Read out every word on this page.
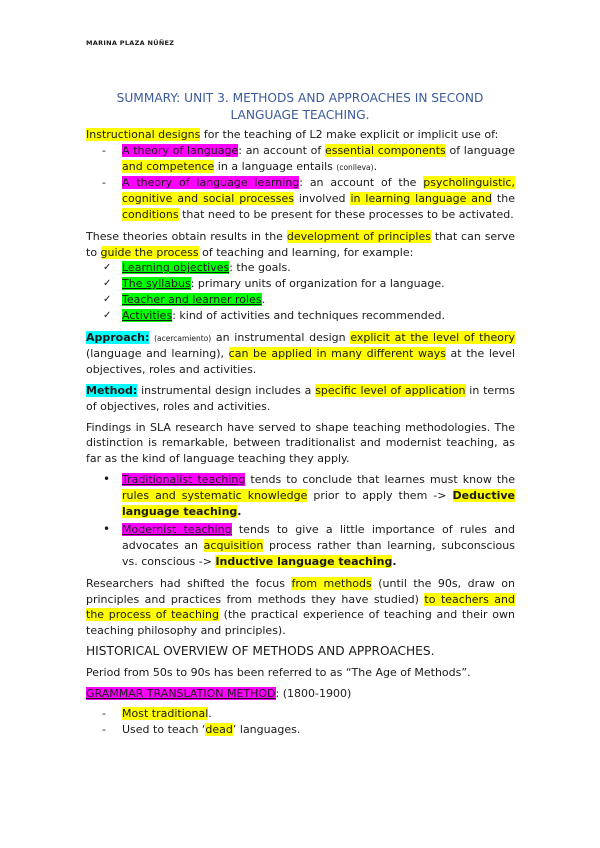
MARINA PLAZA NÚÑEZ
SUMMARY: UNIT 3. METHODS AND APPROACHES IN SECOND
LANGUAGE TEACHING.

Instructional designs for the teaching of L2 make explicit or implicit use of:

- A theory of language: an account of essential components of language and competence in a language entails (conlleva).
- A theory of language learning: an account of the psycholinguistic, cognitive and social processes involved in learning language and the conditions that need to be present for these processes to be activated.

These theories obtain results in the development of principles that can serve to guide the process of teaching and learning, for example:

✓ Learning objectives: the goals.
✓ The syllabus: primary units of organization for a language.
✓ Teacher and learner roles.
✓ Activities: kind of activities and techniques recommended.

Approach: (acercamiento) an instrumental design explicit at the level of theory (language and learning), can be applied in many different ways at the level objectives, roles and activities.

Method: instrumental design includes a specific level of application in terms of objectives, roles and activities.

Findings in SLA research have served to shape teaching methodologies. The distinction is remarkable, between traditionalist and modernist teaching, as far as the kind of language teaching they apply.

• Traditionalist teaching tends to conclude that learnes must know the rules and systematic knowledge prior to apply them -> Deductive language teaching.
• Modernist teaching tends to give a little importance of rules and advocates an acquisition process rather than learning, subconscious vs. conscious -> Inductive language teaching.

Researchers had shifted the focus from methods (until the 90s, draw on principles and practices from methods they have studied) to teachers and the process of teaching (the practical experience of teaching and their own teaching philosophy and principles).

HISTORICAL OVERVIEW OF METHODS AND APPROACHES.

Period from 50s to 90s has been referred to as “The Age of Methods”.

GRAMMAR TRANSLATION METHOD: (1800-1900)

- Most traditional.
- Used to teach ‘dead’ languages.
